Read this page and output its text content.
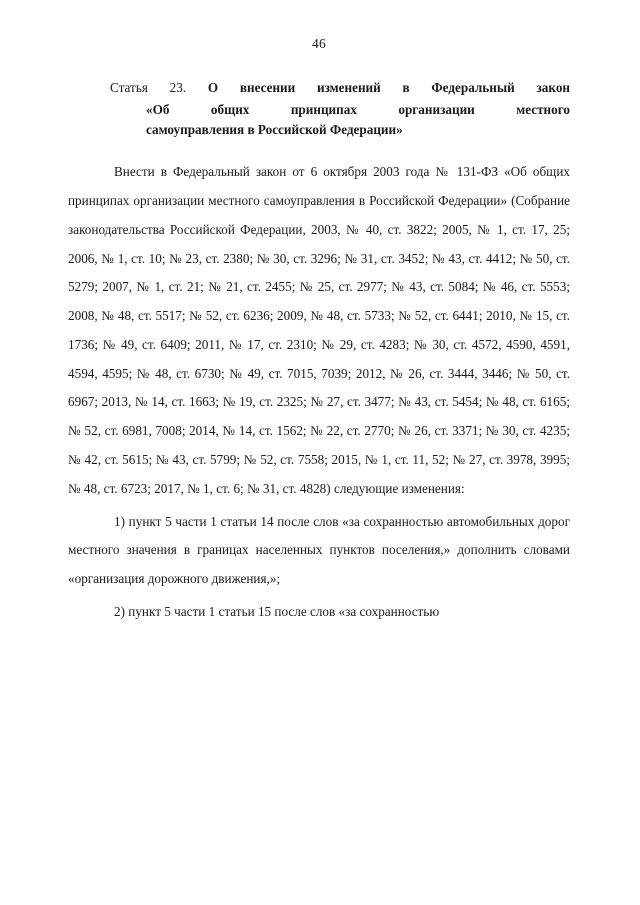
46

Статья 23. О внесении изменений в Федеральный закон

«Об общих принципах организации местного

самоуправления в Российской Федерации»

Внести в Федеральный закон от 6 октября 2003 года № 131-ФЗ «Об общих принципах организации местного самоуправления в Российской Федерации» (Собрание законодательства Российской Федерации, 2003, № 40, ст. 3822; 2005, № 1, ст. 17, 25; 2006, № 1, ст. 10; № 23, ст. 2380; № 30, ст. 3296; № 31, ст. 3452; № 43, ст. 4412; № 50, ст. 5279; 2007, № 1, ст. 21; № 21, ст. 2455; № 25, ст. 2977; № 43, ст. 5084; № 46, ст. 5553; 2008, № 48, ст. 5517; № 52, ст. 6236; 2009, № 48, ст. 5733; № 52, ст. 6441; 2010, № 15, ст. 1736; № 49, ст. 6409; 2011, № 17, ст. 2310; № 29, ст. 4283; № 30, ст. 4572, 4590, 4591, 4594, 4595; № 48, ст. 6730; № 49, ст. 7015, 7039; 2012, № 26, ст. 3444, 3446; № 50, ст. 6967; 2013, № 14, ст. 1663; № 19, ст. 2325; № 27, ст. 3477; № 43, ст. 5454; № 48, ст. 6165; № 52, ст. 6981, 7008; 2014, № 14, ст. 1562; № 22, ст. 2770; № 26, ст. 3371; № 30, ст. 4235; № 42, ст. 5615; № 43, ст. 5799; № 52, ст. 7558; 2015, № 1, ст. 11, 52; № 27, ст. 3978, 3995; № 48, ст. 6723; 2017, № 1, ст. 6; № 31, ст. 4828) следующие изменения:

1) пункт 5 части 1 статьи 14 после слов «за сохранностью автомобильных дорог местного значения в границах населенных пунктов поселения,» дополнить словами «организация дорожного движения,»;

2) пункт 5 части 1 статьи 15 после слов «за сохранностью
